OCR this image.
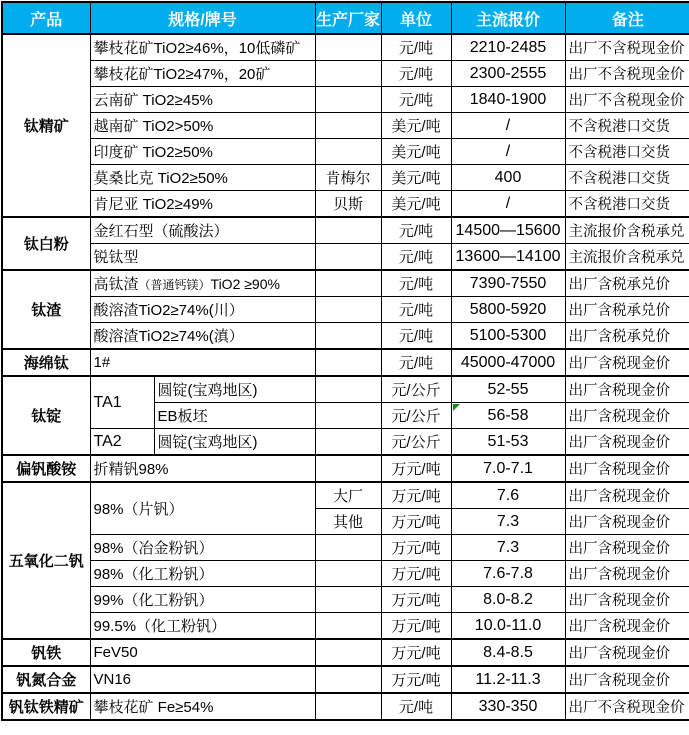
产品	规格/牌号		生产厂家	单位	主流报价	备注
钛精矿	攀枝花矿TiO2≥46%，10低磷矿			元/吨	2210-2485	出厂不含税现金价
	攀枝花矿TiO2≥47%，20矿			元/吨	2300-2555	出厂不含税现金价
	云南矿 TiO2≥45%			元/吨	1840-1900	出厂不含税现金价
	越南矿 TiO2>50%			美元/吨	/	不含税港口交货
	印度矿 TiO2≥50%			美元/吨	/	不含税港口交货
	莫桑比克 TiO2≥50%		肯梅尔	美元/吨	400	不含税港口交货
	肯尼亚 TiO2≥49%		贝斯	美元/吨	/	不含税港口交货
钛白粉	金红石型（硫酸法）			元/吨	14500—15600	主流报价含税承兑
	锐钛型			元/吨	13600—14100	主流报价含税承兑
钛渣	高钛渣（普通钙镁）TiO2 ≥90%			元/吨	7390-7550	出厂含税承兑价
	酸溶渣TiO2≥74%(川）			元/吨	5800-5920	出厂含税承兑价
	酸溶渣TiO2≥74%(滇）			元/吨	5100-5300	出厂含税承兑价
海绵钛	1#			元/吨	45000-47000	出厂含税现金价
钛锭	TA1	圆锭(宝鸡地区)		元/公斤	52-55	出厂含税现金价
		EB板坯		元/公斤	56-58	出厂含税现金价
	TA2	圆锭(宝鸡地区)		元/公斤	51-53	出厂含税现金价
偏钒酸铵	折精钒98%			万元/吨	7.0-7.1	出厂含税现金价
五氧化二钒	98%（片钒）		大厂	万元/吨	7.6	出厂含税现金价
			其他	万元/吨	7.3	出厂含税现金价
	98%（冶金粉钒）			万元/吨	7.3	出厂含税现金价
	98%（化工粉钒）			万元/吨	7.6-7.8	出厂含税现金价
	99%（化工粉钒）			万元/吨	8.0-8.2	出厂含税现金价
	99.5%（化工粉钒）			万元/吨	10.0-11.0	出厂含税现金价
钒铁	FeV50			万元/吨	8.4-8.5	出厂含税现金价
钒氮合金	VN16			万元/吨	11.2-11.3	出厂含税现金价
钒钛铁精矿	攀枝花矿 Fe≥54%			元/吨	330-350	出厂不含税现金价
